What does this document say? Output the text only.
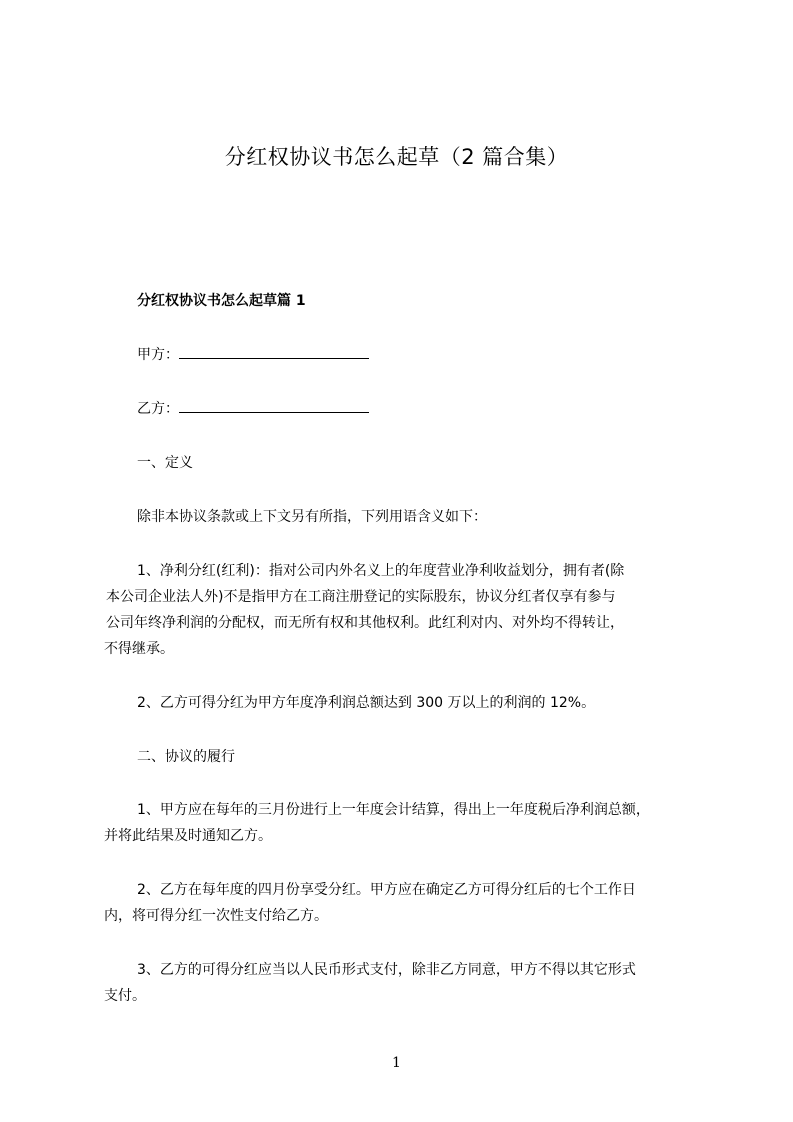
分红权协议书怎么起草（2 篇合集）
分红权协议书怎么起草篇 1
甲方：
乙方：
一、定义
除非本协议条款或上下文另有所指，下列用语含义如下：
1、净利分红(红利)：指对公司内外名义上的年度营业净利收益划分，拥有者(除
本公司企业法人外)不是指甲方在工商注册登记的实际股东，协议分红者仅享有参与
公司年终净利润的分配权，而无所有权和其他权利。此红利对内、对外均不得转让，
不得继承。
2、乙方可得分红为甲方年度净利润总额达到 300 万以上的利润的 12%。
二、协议的履行
1、甲方应在每年的三月份进行上一年度会计结算，得出上一年度税后净利润总额，
并将此结果及时通知乙方。
2、乙方在每年度的四月份享受分红。甲方应在确定乙方可得分红后的七个工作日
内，将可得分红一次性支付给乙方。
3、乙方的可得分红应当以人民币形式支付，除非乙方同意，甲方不得以其它形式
支付。
1
